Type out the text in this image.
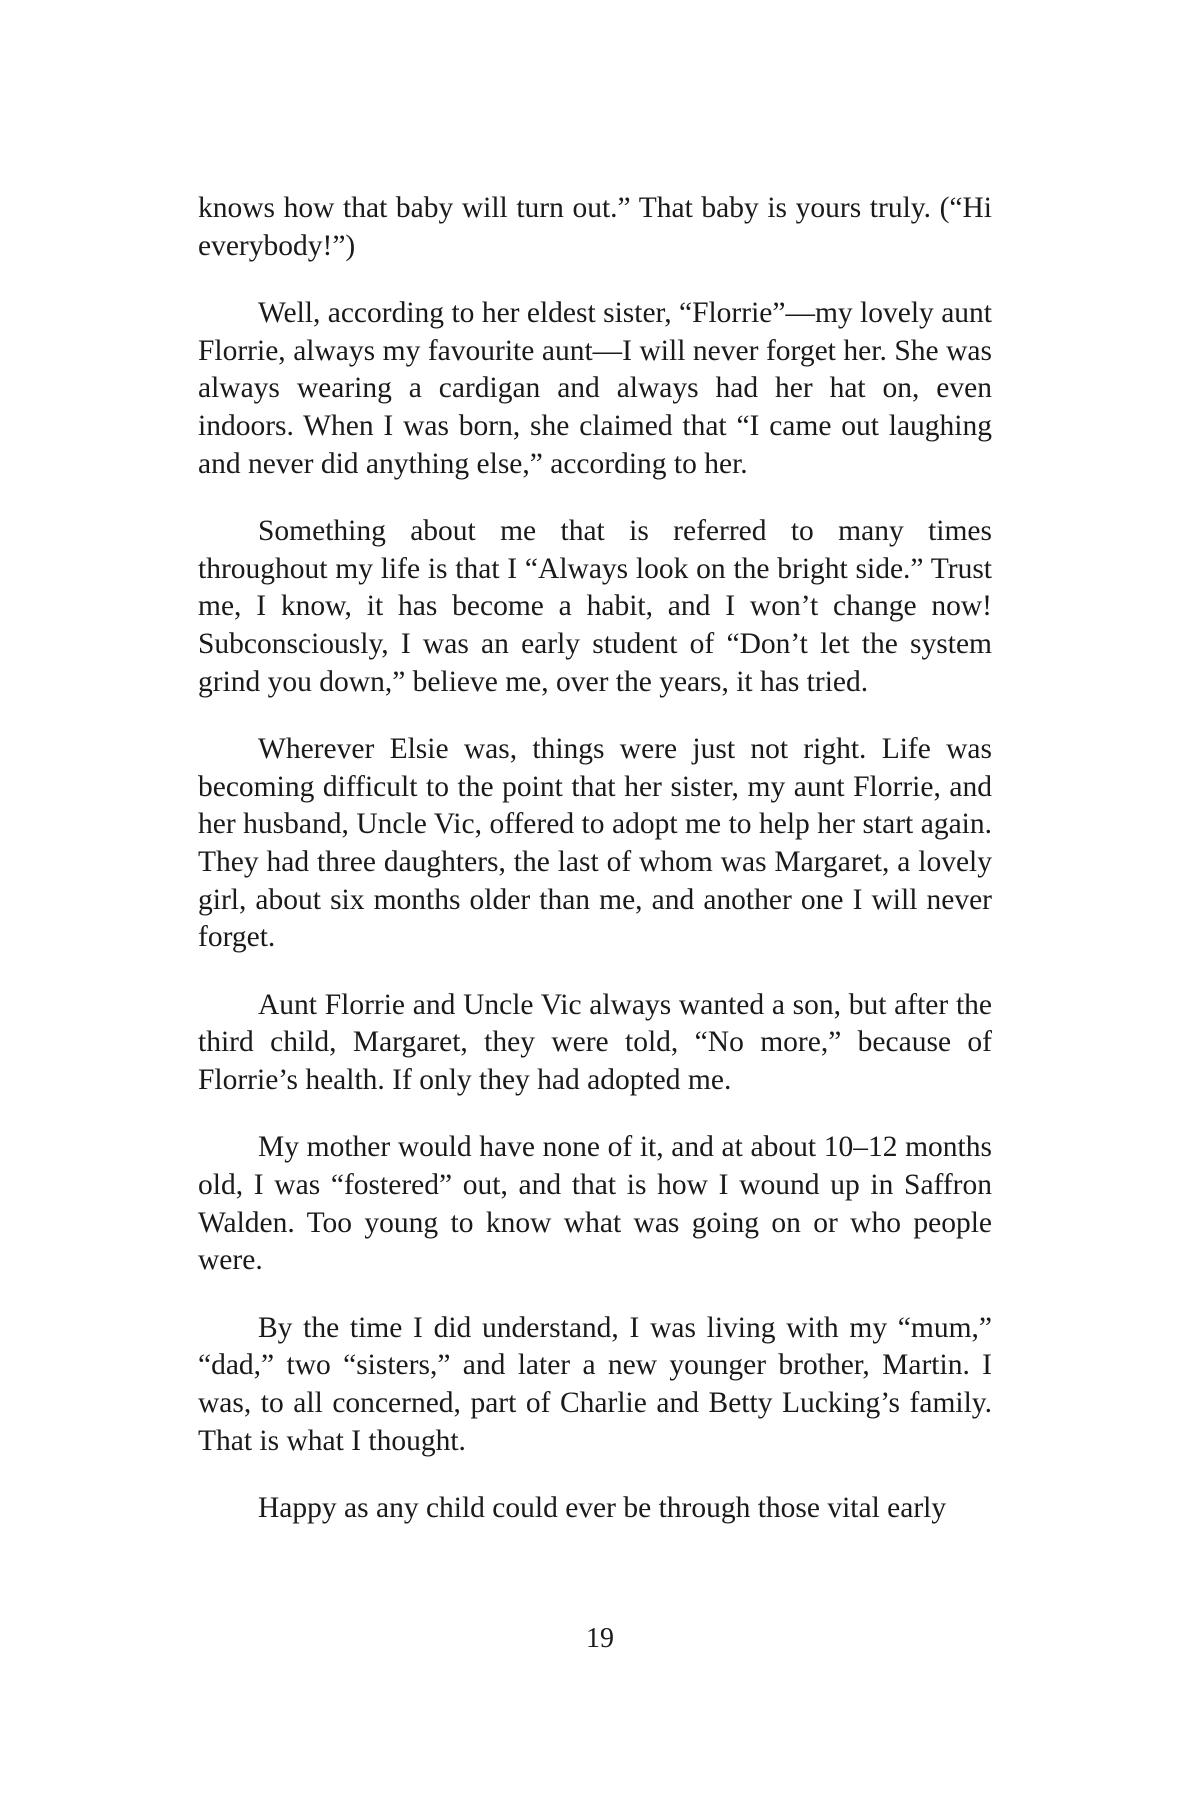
knows how that baby will turn out.” That baby is yours truly. (“Hi everybody!”)

Well, according to her eldest sister, “Florrie”—my lovely aunt Florrie, always my favourite aunt—I will never forget her. She was always wearing a cardigan and always had her hat on, even indoors. When I was born, she claimed that “I came out laughing and never did anything else,” according to her.

Something about me that is referred to many times throughout my life is that I “Always look on the bright side.” Trust me, I know, it has become a habit, and I won’t change now! Subconsciously, I was an early student of “Don’t let the system grind you down,” believe me, over the years, it has tried.

Wherever Elsie was, things were just not right. Life was becoming difficult to the point that her sister, my aunt Florrie, and her husband, Uncle Vic, offered to adopt me to help her start again. They had three daughters, the last of whom was Margaret, a lovely girl, about six months older than me, and another one I will never forget.

Aunt Florrie and Uncle Vic always wanted a son, but after the third child, Margaret, they were told, “No more,” because of Florrie’s health. If only they had adopted me.

My mother would have none of it, and at about 10–12 months old, I was “fostered” out, and that is how I wound up in Saffron Walden. Too young to know what was going on or who people were.

By the time I did understand, I was living with my “mum,” “dad,” two “sisters,” and later a new younger brother, Martin. I was, to all concerned, part of Charlie and Betty Lucking’s family. That is what I thought.

Happy as any child could ever be through those vital early

19
